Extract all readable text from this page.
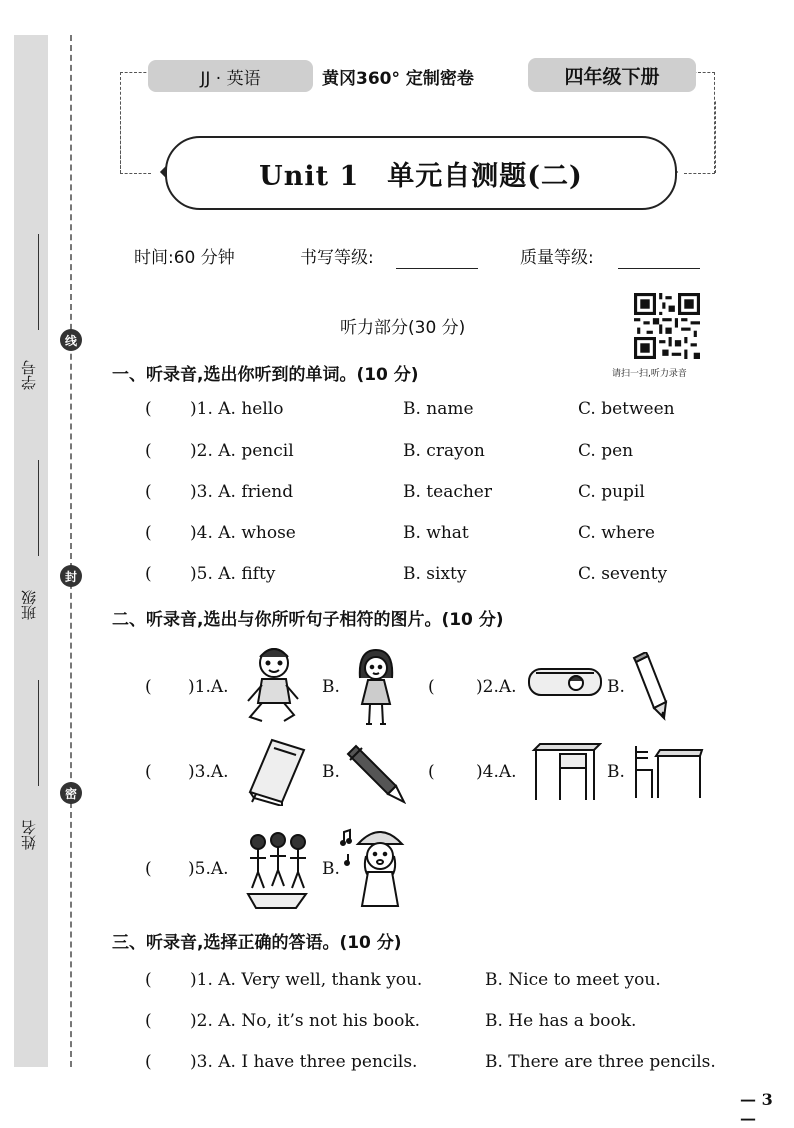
学号
班级
姓名
线
封
密
JJ · 英语	黄冈360° 定制密卷	四年级下册
Unit 1　单元自测题(二)
时间:60 分钟	书写等级:	质量等级:
听力部分(30 分)
请扫一扫,听力录音
一、听录音,选出你听到的单词。(10 分)
( )1. A. hello	B. name	C. between
( )2. A. pencil	B. crayon	C. pen
( )3. A. friend	B. teacher	C. pupil
( )4. A. whose	B. what	C. where
( )5. A. fifty	B. sixty	C. seventy
二、听录音,选出与你所听句子相符的图片。(10 分)
( )1.A.	B.	( )2.A.	B.
( )3.A.	B.	( )4.A.	B.
( )5.A.	B.
三、听录音,选择正确的答语。(10 分)
( )1. A. Very well, thank you.	B. Nice to meet you.
( )2. A. No, it’s not his book.	B. He has a book.
( )3. A. I have three pencils.	B. There are three pencils.
— 3 —
